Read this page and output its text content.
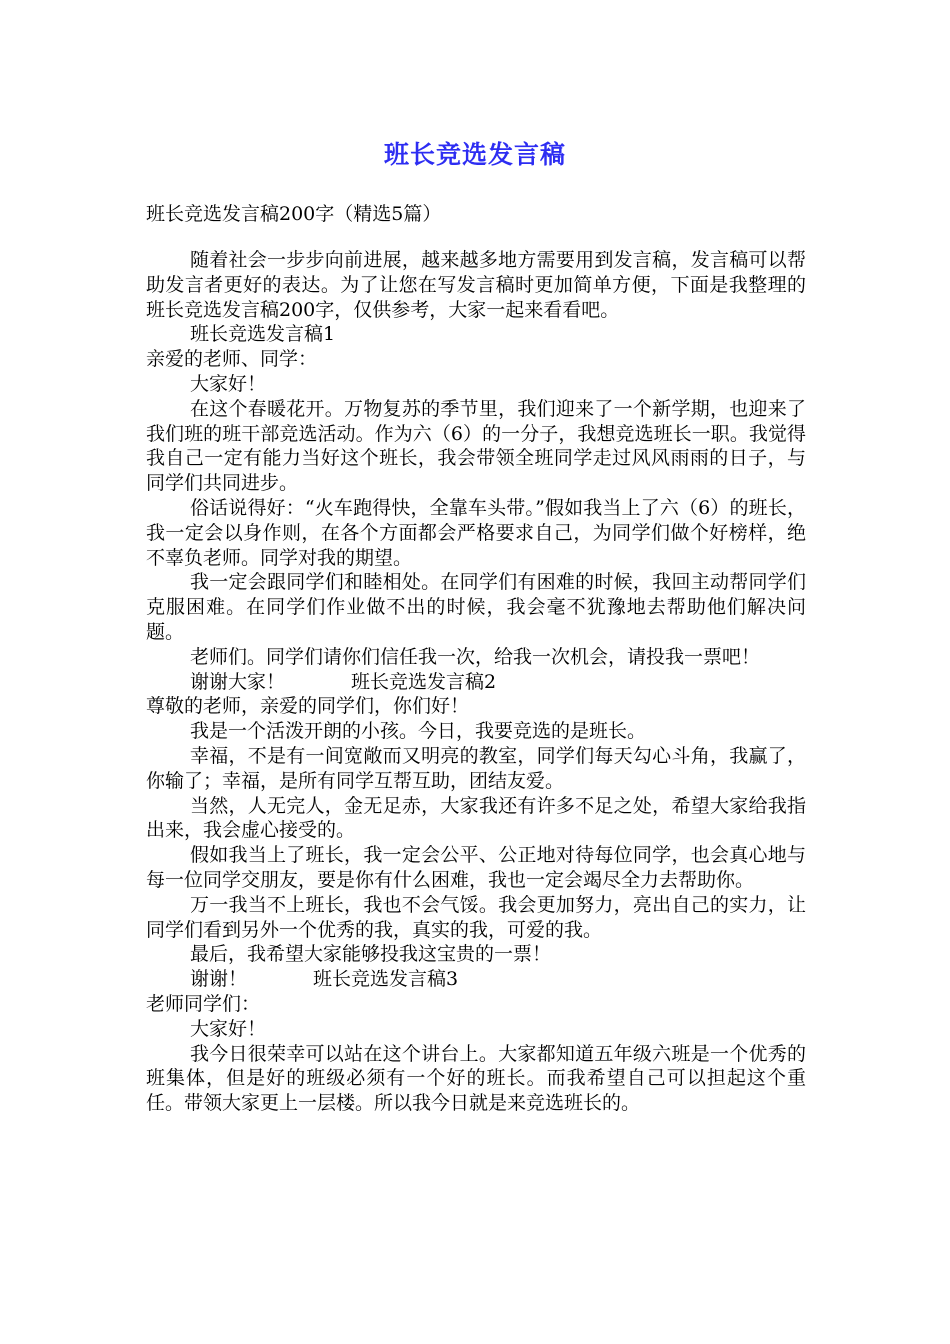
班长竞选发言稿
班长竞选发言稿200字（精选5篇）

随着社会一步步向前进展，越来越多地方需要用到发言稿，发言稿可以帮助发言者更好的表达。为了让您在写发言稿时更加简单方便，下面是我整理的班长竞选发言稿200字，仅供参考，大家一起来看看吧。

班长竞选发言稿1

亲爱的老师、同学：

大家好！

在这个春暖花开。万物复苏的季节里，我们迎来了一个新学期，也迎来了我们班的班干部竞选活动。作为六（6）的一分子，我想竞选班长一职。我觉得我自己一定有能力当好这个班长，我会带领全班同学走过风风雨雨的日子，与同学们共同进步。

俗话说得好：“火车跑得快，全靠车头带。”假如我当上了六（6）的班长，我一定会以身作则，在各个方面都会严格要求自己，为同学们做个好榜样，绝不辜负老师。同学对我的期望。

我一定会跟同学们和睦相处。在同学们有困难的时候，我回主动帮同学们克服困难。在同学们作业做不出的时候，我会毫不犹豫地去帮助他们解决问题。

老师们。同学们请你们信任我一次，给我一次机会，请投我一票吧！

谢谢大家！	班长竞选发言稿2

尊敬的老师，亲爱的同学们，你们好！

我是一个活泼开朗的小孩。今日，我要竞选的是班长。

幸福，不是有一间宽敞而又明亮的教室，同学们每天勾心斗角，我赢了，你输了；幸福，是所有同学互帮互助，团结友爱。

当然，人无完人，金无足赤，大家我还有许多不足之处，希望大家给我指出来，我会虚心接受的。

假如我当上了班长，我一定会公平、公正地对待每位同学，也会真心地与每一位同学交朋友，要是你有什么困难，我也一定会竭尽全力去帮助你。

万一我当不上班长，我也不会气馁。我会更加努力，亮出自己的实力，让同学们看到另外一个优秀的我，真实的我，可爱的我。

最后，我希望大家能够投我这宝贵的一票！

谢谢！	班长竞选发言稿3

老师同学们：

大家好！

我今日很荣幸可以站在这个讲台上。大家都知道五年级六班是一个优秀的班集体，但是好的班级必须有一个好的班长。而我希望自己可以担起这个重任。带领大家更上一层楼。所以我今日就是来竞选班长的。
